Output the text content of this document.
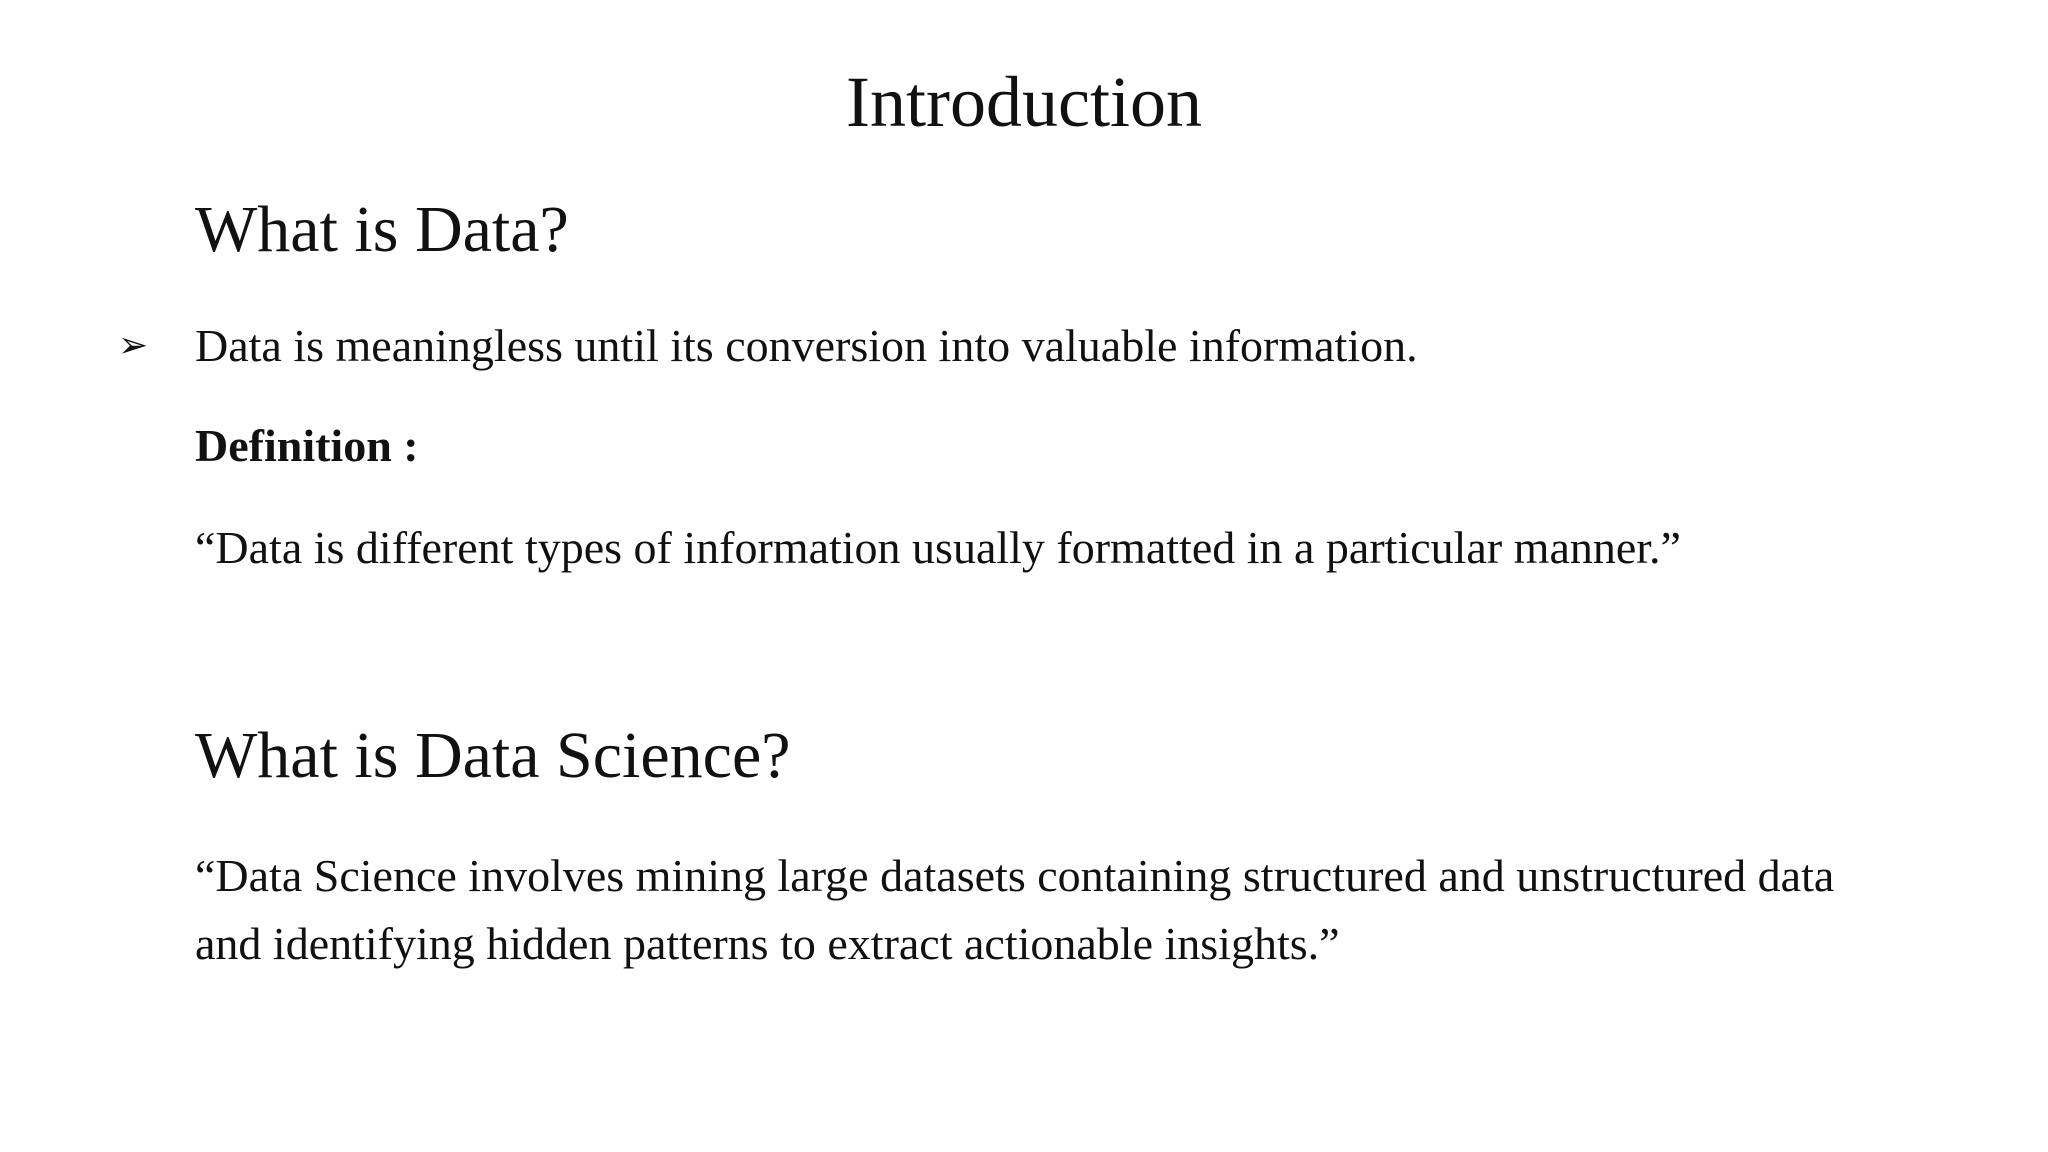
Introduction
What is Data?
➢ Data is meaningless until its conversion into valuable information.
Definition :
“Data is different types of information usually formatted in a particular manner.”
What is Data Science?
“Data Science involves mining large datasets containing structured and unstructured data
and identifying hidden patterns to extract actionable insights.”
